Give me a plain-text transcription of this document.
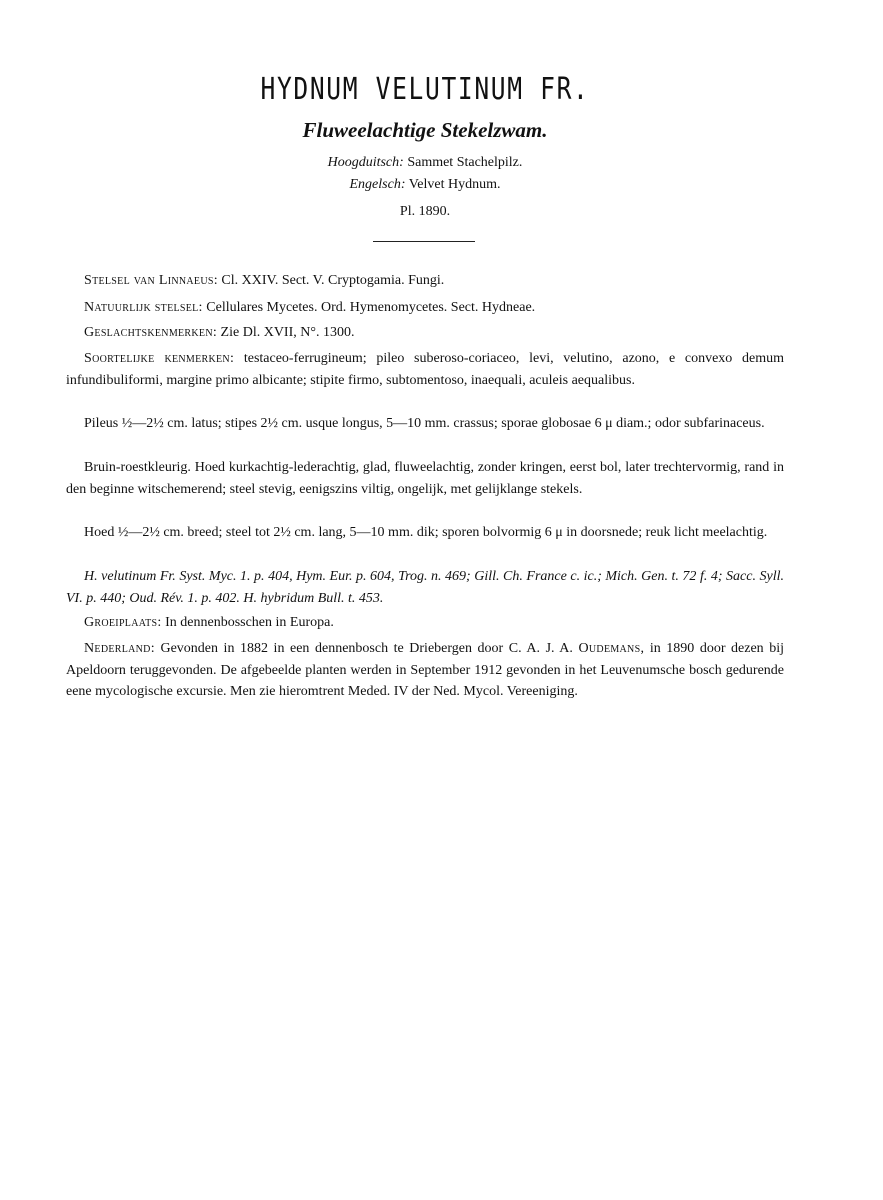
HYDNUM VELUTINUM FR.
Fluweelachtige Stekelzwam.
Hoogduitsch: Sammet Stachelpilz.
Engelsch: Velvet Hydnum.
Pl. 1890.

Stelsel van Linnaeus: Cl. XXIV. Sect. V. Cryptogamia. Fungi.

Natuurlijk stelsel: Cellulares Mycetes. Ord. Hymenomycetes. Sect. Hydneae.

Geslachtskenmerken: Zie Dl. XVII, N°. 1300.

Soortelijke kenmerken: testaceo-ferrugineum; pileo suberoso-coriaceo, levi, velutino, azono, e convexo demum infundibuliformi, margine primo albicante; stipite firmo, subtomentoso, inaequali, aculeis aequalibus.

Pileus ½—2½ cm. latus; stipes 2½ cm. usque longus, 5—10 mm. crassus; sporae globosae 6 μ diam.; odor subfarinaceus.

Bruin-roestkleurig. Hoed kurkachtig-lederachtig, glad, fluweelachtig, zonder kringen, eerst bol, later trechtervormig, rand in den beginne witschemerend; steel stevig, eenigszins viltig, ongelijk, met gelijklange stekels.

Hoed ½—2½ cm. breed; steel tot 2½ cm. lang, 5—10 mm. dik; sporen bolvormig 6 μ in doorsnede; reuk licht meelachtig.

H. velutinum Fr. Syst. Myc. 1. p. 404, Hym. Eur. p. 604, Trog. n. 469; Gill. Ch. France c. ic.; Mich. Gen. t. 72 f. 4; Sacc. Syll. VI. p. 440; Oud. Rév. 1. p. 402. H. hybridum Bull. t. 453.

Groeiplaats: In dennenbosschen in Europa.

Nederland: Gevonden in 1882 in een dennenbosch te Driebergen door C. A. J. A. Oudemans, in 1890 door dezen bij Apeldoorn teruggevonden. De afgebeelde planten werden in September 1912 gevonden in het Leuvenumsche bosch gedurende eene mycologische excursie. Men zie hieromtrent Meded. IV der Ned. Mycol. Vereeniging.
